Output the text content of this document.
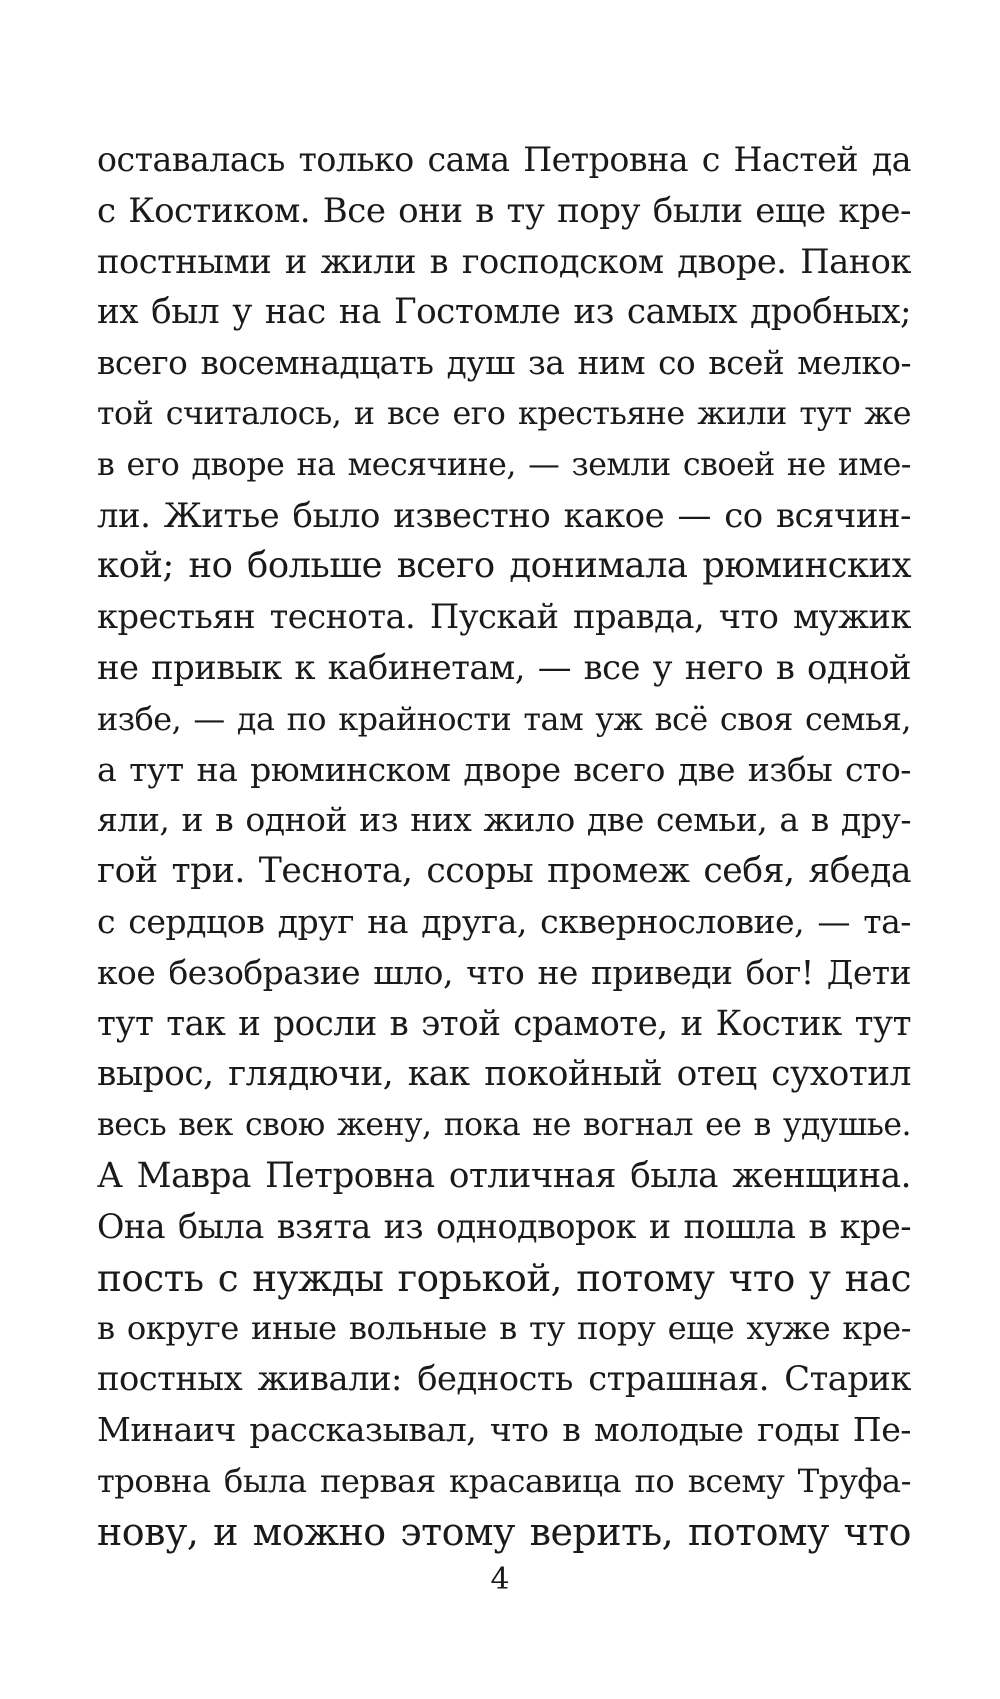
оставалась только сама Петровна с Настей да
с Костиком. Все они в ту пору были еще кре-
постными и жили в господском дворе. Панок
их был у нас на Гостомле из самых дробных;
всего восемнадцать душ за ним со всей мелко-
той считалось, и все его крестьяне жили тут же
в его дворе на месячине, — земли своей не име-
ли. Житье было известно какое — со всячин-
кой; но больше всего донимала рюминских
крестьян теснота. Пускай правда, что мужик
не привык к кабинетам, — все у него в одной
избе, — да по крайности там уж всё своя семья,
а тут на рюминском дворе всего две избы сто-
яли, и в одной из них жило две семьи, а в дру-
гой три. Теснота, ссоры промеж себя, ябеда
с сердцов друг на друга, сквернословие, — та-
кое безобразие шло, что не приведи бог! Дети
тут так и росли в этой срамоте, и Костик тут
вырос, глядючи, как покойный отец сухотил
весь век свою жену, пока не вогнал ее в удушье.
А Мавра Петровна отличная была женщина.
Она была взята из однодворок и пошла в кре-
пость с нужды горькой, потому что у нас
в округе иные вольные в ту пору еще хуже кре-
постных живали: бедность страшная. Старик
Минаич рассказывал, что в молодые годы Пе-
тровна была первая красавица по всему Труфа-
нову, и можно этому верить, потому что
4
